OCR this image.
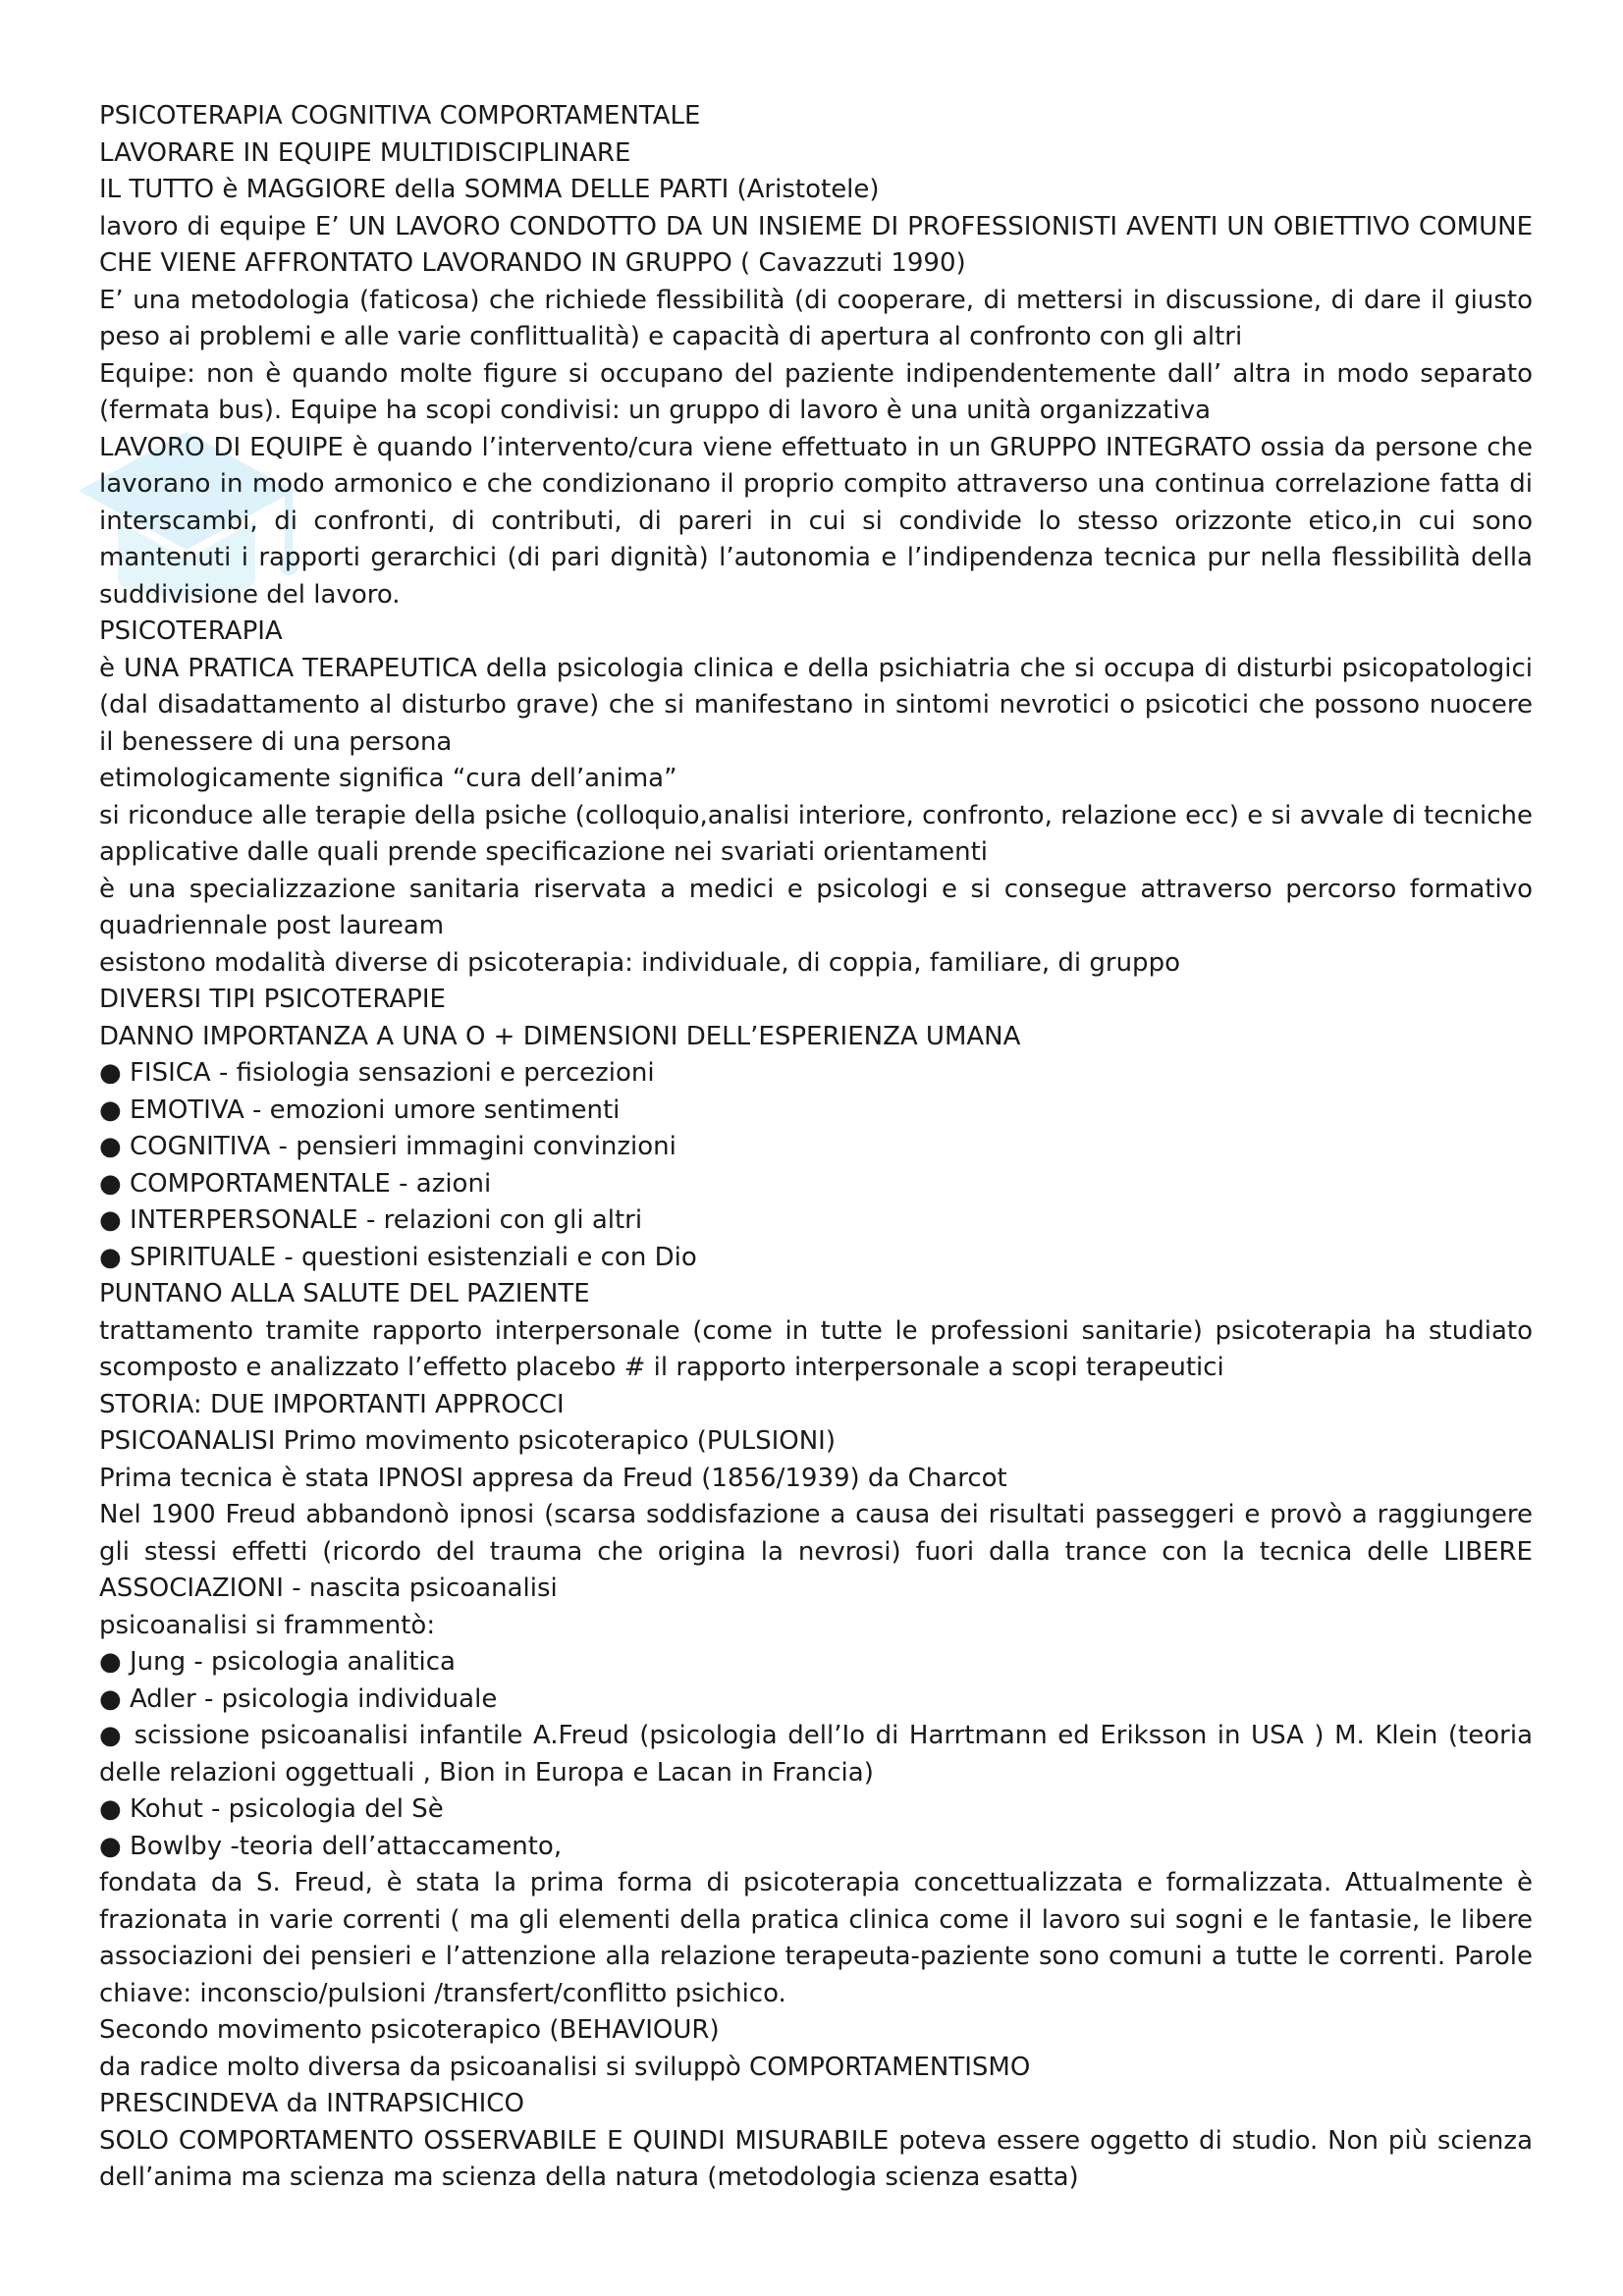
PSICOTERAPIA COGNITIVA COMPORTAMENTALE

LAVORARE IN EQUIPE MULTIDISCIPLINARE

IL TUTTO è MAGGIORE della SOMMA DELLE PARTI (Aristotele)

lavoro di equipe E’ UN LAVORO CONDOTTO DA UN INSIEME DI PROFESSIONISTI AVENTI UN OBIETTIVO COMUNE CHE VIENE AFFRONTATO LAVORANDO IN GRUPPO ( Cavazzuti 1990)

E’ una metodologia (faticosa) che richiede flessibilità (di cooperare, di mettersi in discussione, di dare il giusto peso ai problemi e alle varie conflittualità) e capacità di apertura al confronto con gli altri

Equipe: non è quando molte figure si occupano del paziente indipendentemente dall’ altra in modo separato (fermata bus). Equipe ha scopi condivisi: un gruppo di lavoro è una unità organizzativa

LAVORO DI EQUIPE è quando l’intervento/cura viene effettuato in un GRUPPO INTEGRATO ossia da persone che lavorano in modo armonico e che condizionano il proprio compito attraverso una continua correlazione fatta di interscambi, di confronti, di contributi, di pareri in cui si condivide lo stesso orizzonte etico,in cui sono mantenuti i rapporti gerarchici (di pari dignità) l’autonomia e l’indipendenza tecnica pur nella flessibilità della suddivisione del lavoro.

PSICOTERAPIA

è UNA PRATICA TERAPEUTICA della psicologia clinica e della psichiatria che si occupa di disturbi psicopatologici (dal disadattamento al disturbo grave) che si manifestano in sintomi nevrotici o psicotici che possono nuocere il benessere di una persona

etimologicamente significa “cura dell’anima”

si riconduce alle terapie della psiche (colloquio,analisi interiore, confronto, relazione ecc) e si avvale di tecniche applicative dalle quali prende specificazione nei svariati orientamenti

è una specializzazione sanitaria riservata a medici e psicologi e si consegue attraverso percorso formativo quadriennale post lauream

esistono modalità diverse di psicoterapia: individuale, di coppia, familiare, di gruppo

DIVERSI TIPI PSICOTERAPIE

DANNO IMPORTANZA A UNA O + DIMENSIONI DELL’ESPERIENZA UMANA

● FISICA - fisiologia sensazioni e percezioni

● EMOTIVA - emozioni umore sentimenti

● COGNITIVA - pensieri immagini convinzioni

● COMPORTAMENTALE - azioni

● INTERPERSONALE - relazioni con gli altri

● SPIRITUALE - questioni esistenziali e con Dio

PUNTANO ALLA SALUTE DEL PAZIENTE

trattamento tramite rapporto interpersonale (come in tutte le professioni sanitarie) psicoterapia ha studiato scomposto e analizzato l’effetto placebo # il rapporto interpersonale a scopi terapeutici

STORIA: DUE IMPORTANTI APPROCCI

PSICOANALISI Primo movimento psicoterapico (PULSIONI)

Prima tecnica è stata IPNOSI appresa da Freud (1856/1939) da Charcot

Nel 1900 Freud abbandonò ipnosi (scarsa soddisfazione a causa dei risultati passeggeri e provò a raggiungere gli stessi effetti (ricordo del trauma che origina la nevrosi) fuori dalla trance con la tecnica delle LIBERE ASSOCIAZIONI - nascita psicoanalisi

psicoanalisi si frammentò:

● Jung - psicologia analitica

● Adler - psicologia individuale

● scissione psicoanalisi infantile A.Freud (psicologia dell’Io di Harrtmann ed Eriksson in USA ) M. Klein (teoria delle relazioni oggettuali , Bion in Europa e Lacan in Francia)

● Kohut - psicologia del Sè

● Bowlby -teoria dell’attaccamento,

fondata da S. Freud, è stata la prima forma di psicoterapia concettualizzata e formalizzata. Attualmente è frazionata in varie correnti ( ma gli elementi della pratica clinica come il lavoro sui sogni e le fantasie, le libere associazioni dei pensieri e l’attenzione alla relazione terapeuta-paziente sono comuni a tutte le correnti. Parole chiave: inconscio/pulsioni /transfert/conflitto psichico.

Secondo movimento psicoterapico (BEHAVIOUR)

da radice molto diversa da psicoanalisi si sviluppò COMPORTAMENTISMO

PRESCINDEVA da INTRAPSICHICO

SOLO COMPORTAMENTO OSSERVABILE E QUINDI MISURABILE poteva essere oggetto di studio. Non più scienza dell’anima ma scienza ma scienza della natura (metodologia scienza esatta)
